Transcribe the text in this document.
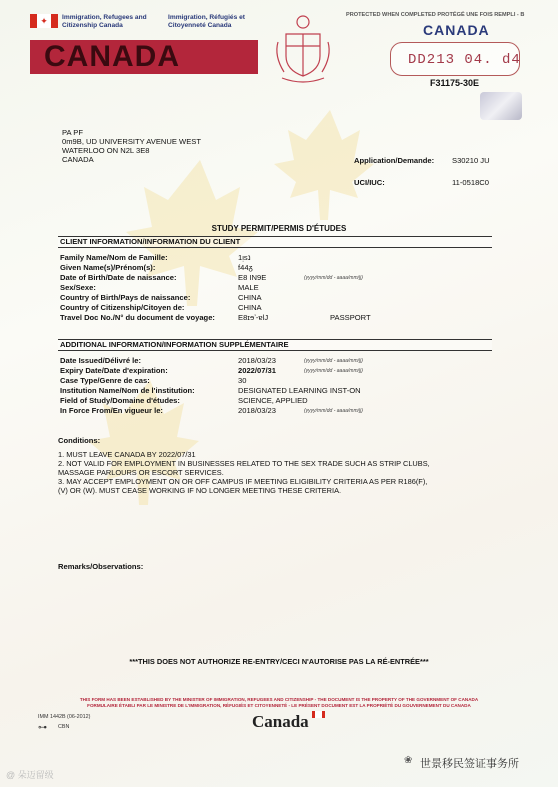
✦	Immigration, Refugees and
Citizenship Canada
Immigration, Réfugiés et
Citoyenneté Canada
CANADA
PROTECTED WHEN COMPLETED PROTÉGÉ UNE FOIS REMPLI - B
CANADA
DD213 04. d4
F31175-30E
PA PF
0m9B, UD UNIVERSITY AVENUE WEST
WATERLOO ON N2L 3E8
CANADA	Application/Demande: S30210 JU
UCI/IUC:	11-0518C0
STUDY PERMIT/PERMIS D'ÉTUDES
CLIENT INFORMATION/INFORMATION DU CLIENT
Family Name/Nom de Famille:	1ᴉsנ
Given Name(s)/Prénom(s):	f44ᵹ
Date of Birth/Date de naissance:	E8 IN9E	(yyyy/mm/dd - aaaa/mm/jj)
Sex/Sexe:	MALE
Country of Birth/Pays de naissance:	CHINA
Country of Citizenship/Citoyen de:	CHINA
Travel Doc No./N° du document de voyage:	E8ɪɘʼ-ɐlJ	PASSPORT
ADDITIONAL INFORMATION/INFORMATION SUPPLÉMENTAIRE
Date Issued/Délivré le:	2018/03/23	(yyyy/mm/dd - aaaa/mm/jj)
Expiry Date/Date d'expiration:	2022/07/31	(yyyy/mm/dd - aaaa/mm/jj)
Case Type/Genre de cas:	30
Institution Name/Nom de l'institution:	DESIGNATED LEARNING INST-ON
Field of Study/Domaine d'études:	SCIENCE, APPLIED
In Force From/En vigueur le:	2018/03/23	(yyyy/mm/dd - aaaa/mm/jj)
Conditions:
1. MUST LEAVE CANADA BY 2022/07/31
2. NOT VALID FOR EMPLOYMENT IN BUSINESSES RELATED TO THE SEX TRADE SUCH AS STRIP CLUBS,
MASSAGE PARLOURS OR ESCORT SERVICES.
3. MAY ACCEPT EMPLOYMENT ON OR OFF CAMPUS IF MEETING ELIGIBILITY CRITERIA AS PER R186(F),
(V) OR (W). MUST CEASE WORKING IF NO LONGER MEETING THESE CRITERIA.
Remarks/Observations:
***THIS DOES NOT AUTHORIZE RE-ENTRY/CECI N'AUTORISE PAS LA RÉ-ENTRÉE***
THIS FORM HAS BEEN ESTABLISHED BY THE MINISTER OF IMMIGRATION, REFUGEES AND CITIZENSHIP - THE DOCUMENT IS THE PROPERTY OF THE GOVERNMENT OF CANADA
FORMULAIRE ÉTABLI PAR LE MINISTRE DE L'IMMIGRATION, RÉFUGIÉS ET CITOYENNETÉ - LE PRÉSENT DOCUMENT EST LA PROPRIÉTÉ DU GOUVERNEMENT DU CANADA
IMM 1442B (06-2012)
⊶ CBN	Canada
@ 朵迈留级
❀ 世景移民签证事务所
